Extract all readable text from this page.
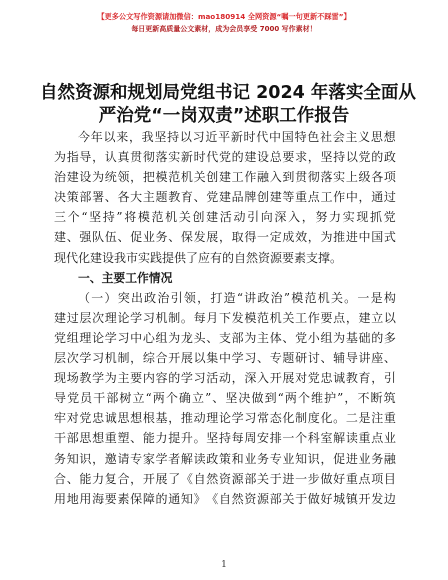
【更多公文写作资源请加微信：mao180914 全网资源“嘱一句更新不踩雷”】
每日更新高质量公文素材，成为会员享受 7000 写作素材！
自然资源和规划局党组书记 2024 年落实全面从
严治党“一岗双责”述职工作报告
今 年 以 来 ， 我 坚 持 以 习 近 平 新 时 代 中 国 特 色 社 会 主 义 思 想
为 指 导 ， 认 真 贯 彻 落 实 新 时 代 党 的 建 设 总 要 求 ， 坚 持 以 党 的 政
治 建 设 为 统 领 ， 把 模 范 机 关 创 建 工 作 融 入 到 贯 彻 落 实 上 级 各 项
决 策 部 署 、 各 大 主 题 教 育 、 党 建 品 牌 创 建 等 重 点 工 作 中 ， 通 过
三 个 “ 坚 持 ” 将 模 范 机 关 创 建 活 动 引 向 深 入 ， 努 力 实 现 抓 党
建 、 强 队 伍 、 促 业 务 、 保 发 展 ， 取 得 一 定 成 效 ， 为 推 进 中 国 式
现代化建设我市实践提供了应有的自然资源要素支撑。
一、主要工作情况
（ 一 ） 突 出 政 治 引 领 ， 打 造 “ 讲 政 治 ” 模 范 机 关 。 一 是 构
建 过 层 次 理 论 学 习 机 制 。 每 月 下 发 模 范 机 关 工 作 要 点 ， 建 立 以
党 组 理 论 学 习 中 心 组 为 龙 头 、 支 部 为 主 体 、 党 小 组 为 基 础 的 多
层 次 学 习 机 制 ， 综 合 开 展 以 集 中 学 习 、 专 题 研 讨 、 辅 导 讲 座 、
现 场 教 学 为 主 要 内 容 的 学 习 活 动 ， 深 入 开 展 对 党 忠 诚 教 育 ， 引
导 党 员 干 部 树 立 “ 两 个 确 立 ” 、 坚 决 做 到 “ 两 个 维 护 ” ， 不 断 筑
牢 对 党 忠 诚 思 想 根 基 ， 推 动 理 论 学 习 常 态 化 制 度 化 。 二 是 注 重
干 部 思 想 重 塑 、 能 力 提 升 。 坚 持 每 周 安 排 一 个 科 室 解 读 重 点 业
务 知 识 ， 邀 请 专 家 学 者 解 读 政 策 和 业 务 专 业 知 识 ， 促 进 业 务 融
合 、 能 力 复 合 ， 开 展 了 《 自 然 资 源 部 关 于 进 一 步 做 好 重 点 项 目
用 地 用 海 要 素 保 障 的 通 知 》 《 自 然 资 源 部 关 于 做 好 城 镇 开 发 边
1
